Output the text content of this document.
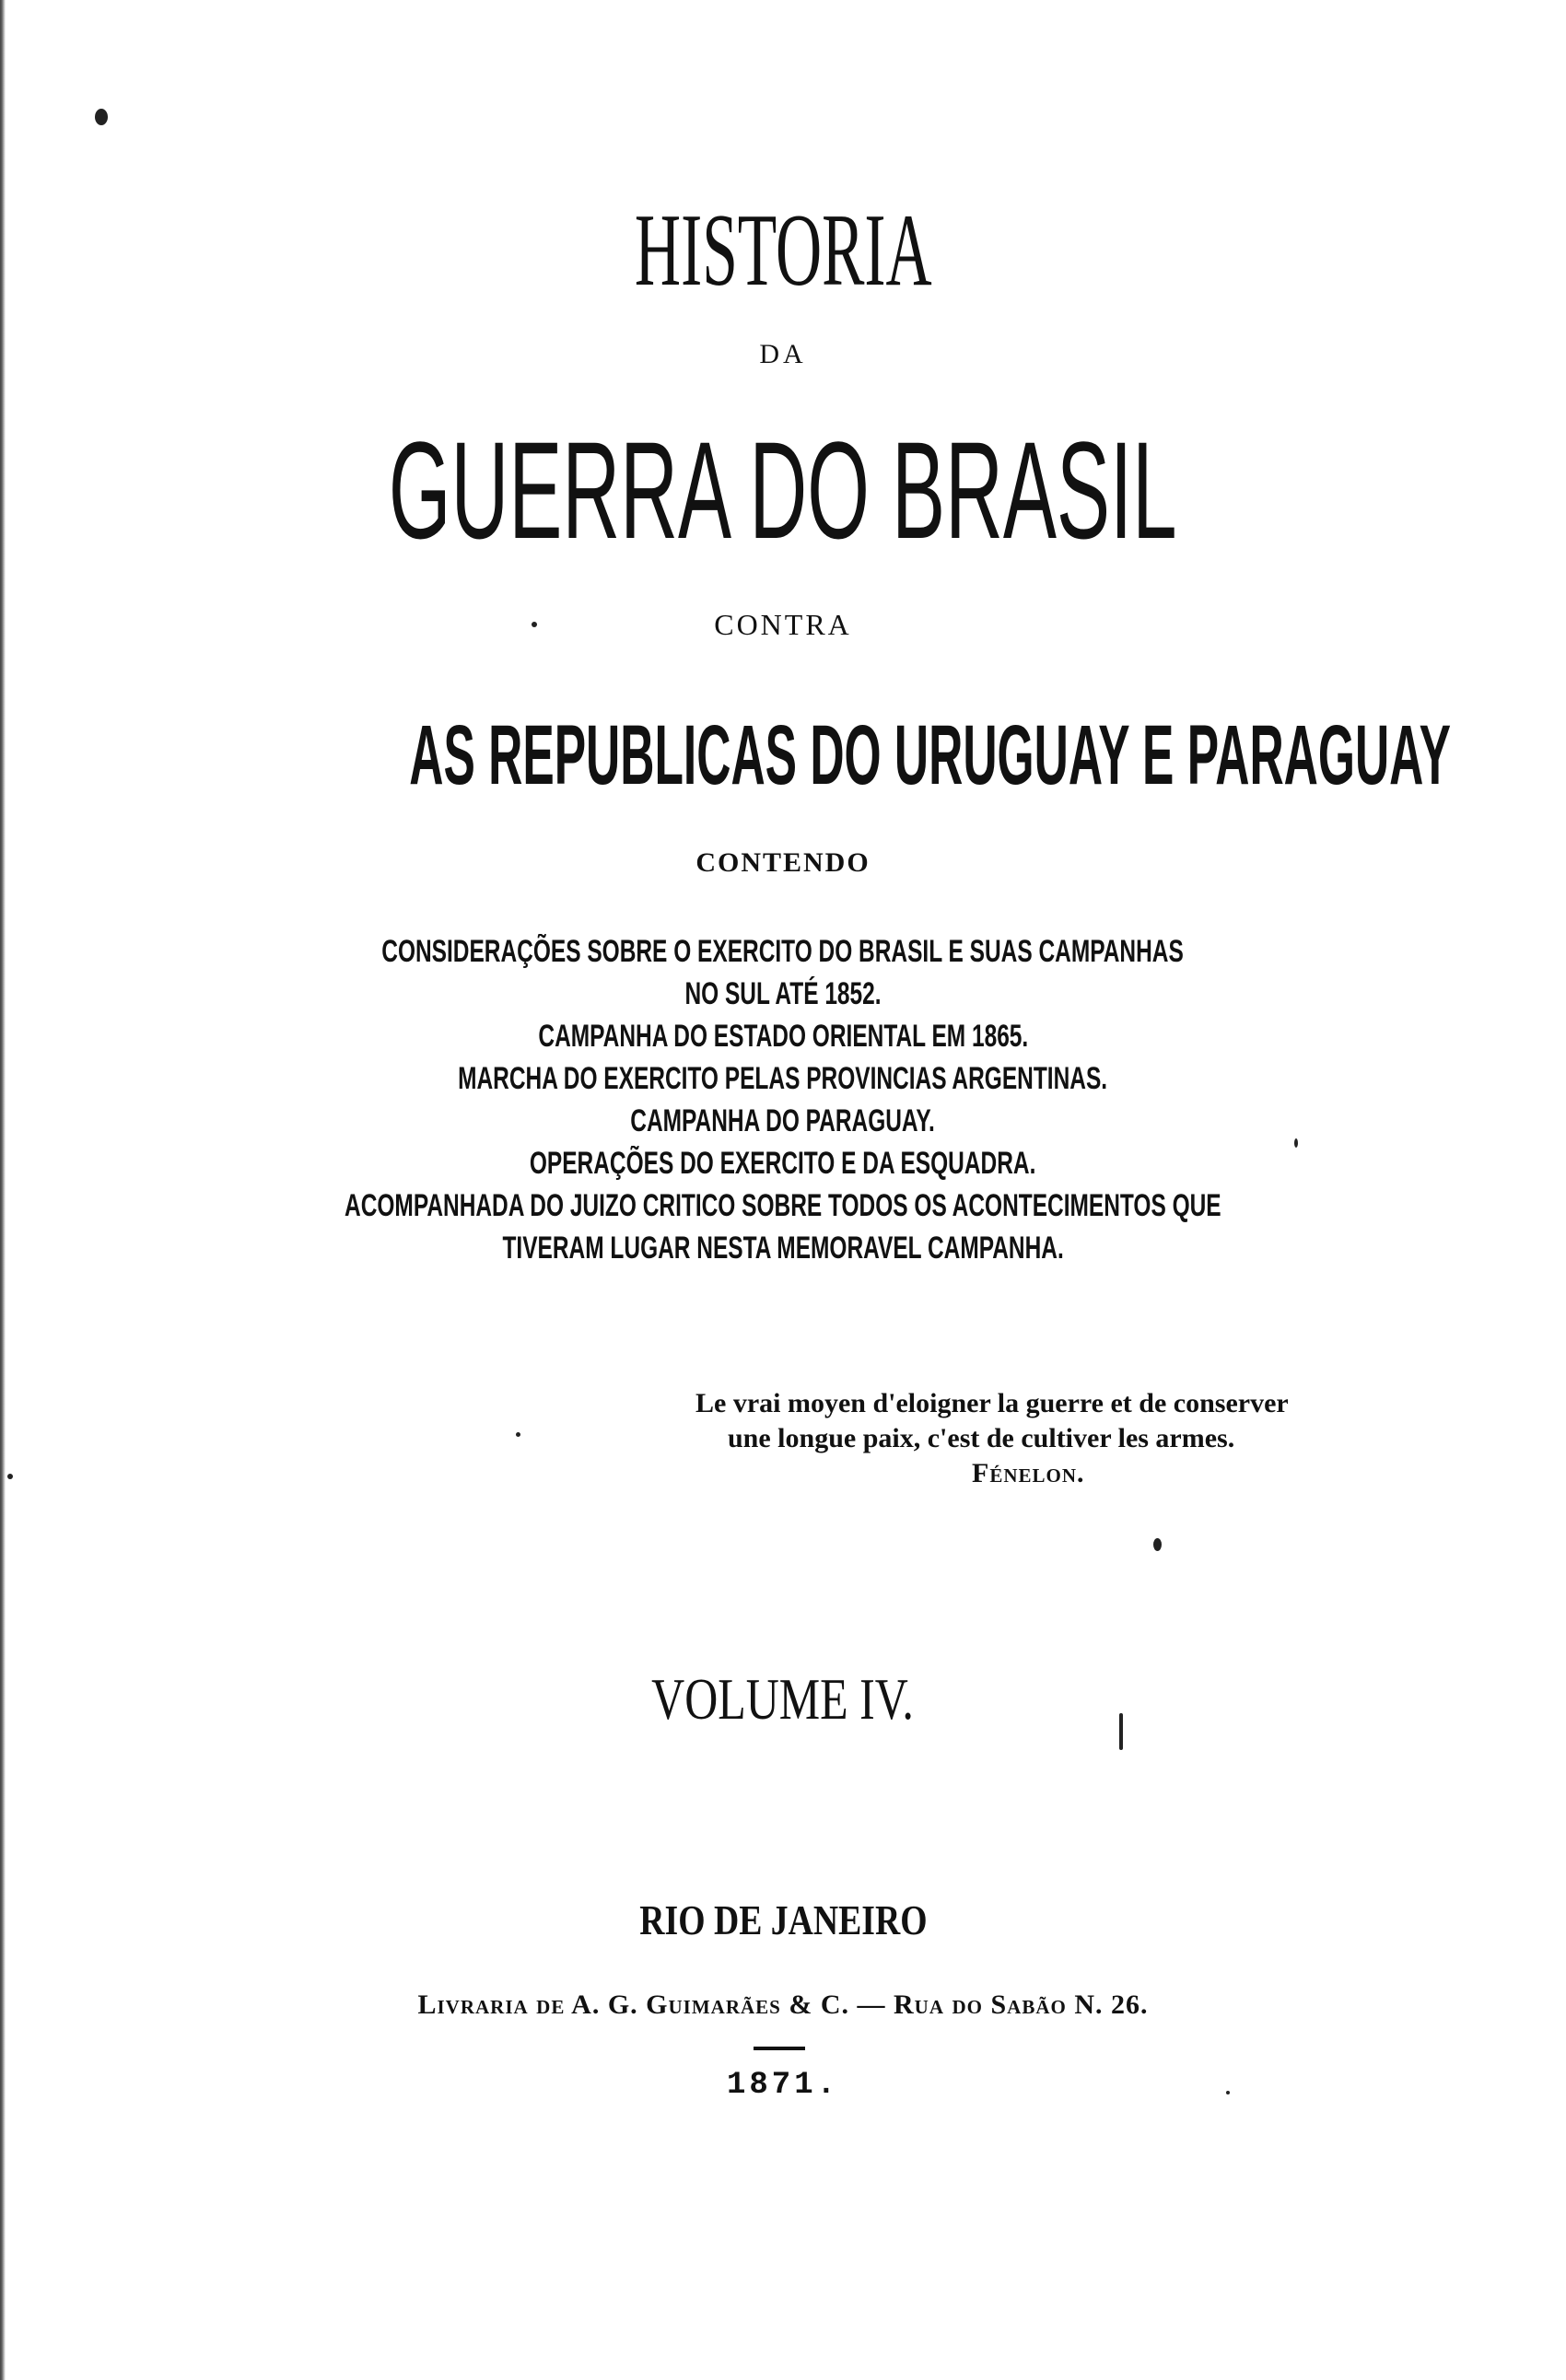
HISTORIA
DA
GUERRA DO BRASIL
CONTRA
AS REPUBLICAS DO URUGUAY E PARAGUAY
CONTENDO
CONSIDERAÇÕES SOBRE O EXERCITO DO BRASIL E SUAS CAMPANHAS
NO SUL ATÉ 1852.
CAMPANHA DO ESTADO ORIENTAL EM 1865.
MARCHA DO EXERCITO PELAS PROVINCIAS ARGENTINAS.
CAMPANHA DO PARAGUAY.
OPERAÇÕES DO EXERCITO E DA ESQUADRA.
ACOMPANHADA DO JUIZO CRITICO SOBRE TODOS OS ACONTECIMENTOS QUE
TIVERAM LUGAR NESTA MEMORAVEL CAMPANHA.
Le vrai moyen d'eloigner la guerre et de conserver
une longue paix, c'est de cultiver les armes.
Fénelon.
VOLUME IV.
RIO DE JANEIRO
Livraria de A. G. Guimarães & C. — Rua do Sabão N. 26.
1871.
